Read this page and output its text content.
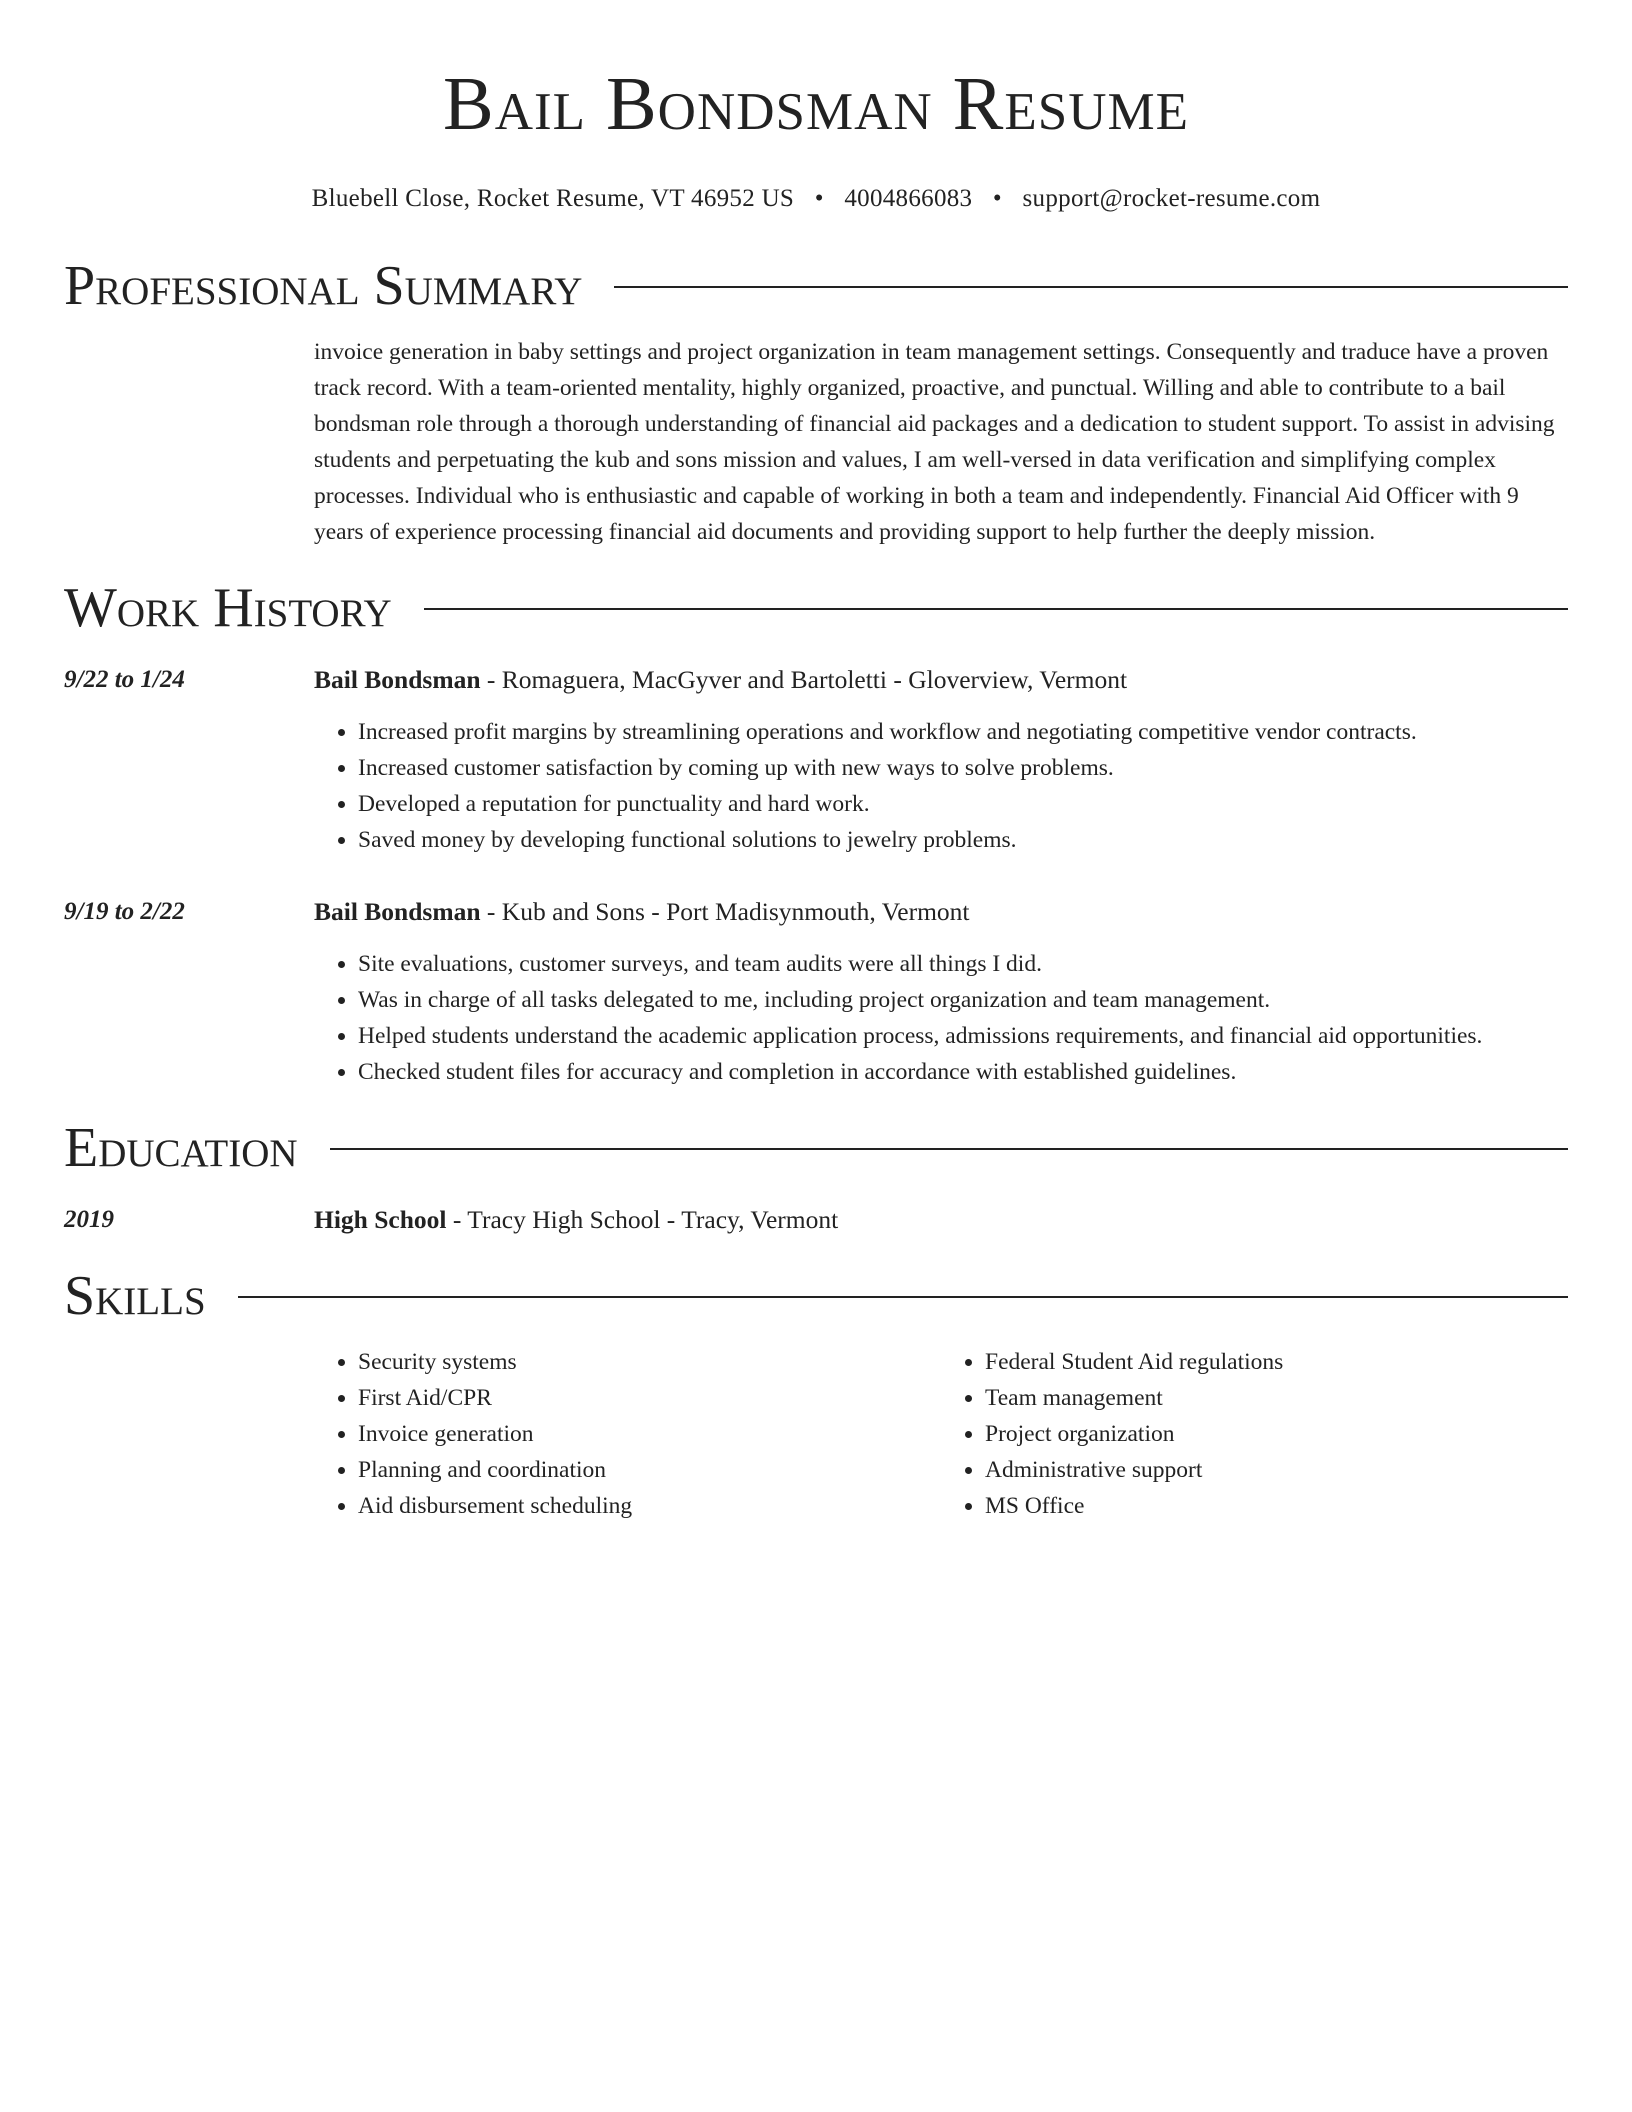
Bail Bondsman Resume
Bluebell Close, Rocket Resume, VT 46952 US • 4004866083 • support@rocket-resume.com
Professional Summary
invoice generation in baby settings and project organization in team management settings. Consequently and traduce have a proven track record. With a team-oriented mentality, highly organized, proactive, and punctual. Willing and able to contribute to a bail bondsman role through a thorough understanding of financial aid packages and a dedication to student support. To assist in advising students and perpetuating the kub and sons mission and values, I am well-versed in data verification and simplifying complex processes. Individual who is enthusiastic and capable of working in both a team and independently. Financial Aid Officer with 9 years of experience processing financial aid documents and providing support to help further the deeply mission.
Work History
9/22 to 1/24	Bail Bondsman - Romaguera, MacGyver and Bartoletti - Gloverview, Vermont
• Increased profit margins by streamlining operations and workflow and negotiating competitive vendor contracts.
• Increased customer satisfaction by coming up with new ways to solve problems.
• Developed a reputation for punctuality and hard work.
• Saved money by developing functional solutions to jewelry problems.
9/19 to 2/22	Bail Bondsman - Kub and Sons - Port Madisynmouth, Vermont
• Site evaluations, customer surveys, and team audits were all things I did.
• Was in charge of all tasks delegated to me, including project organization and team management.
• Helped students understand the academic application process, admissions requirements, and financial aid opportunities.
• Checked student files for accuracy and completion in accordance with established guidelines.
Education
2019	High School - Tracy High School - Tracy, Vermont
Skills
• Security systems
• First Aid/CPR
• Invoice generation
• Planning and coordination
• Aid disbursement scheduling
• Federal Student Aid regulations
• Team management
• Project organization
• Administrative support
• MS Office
